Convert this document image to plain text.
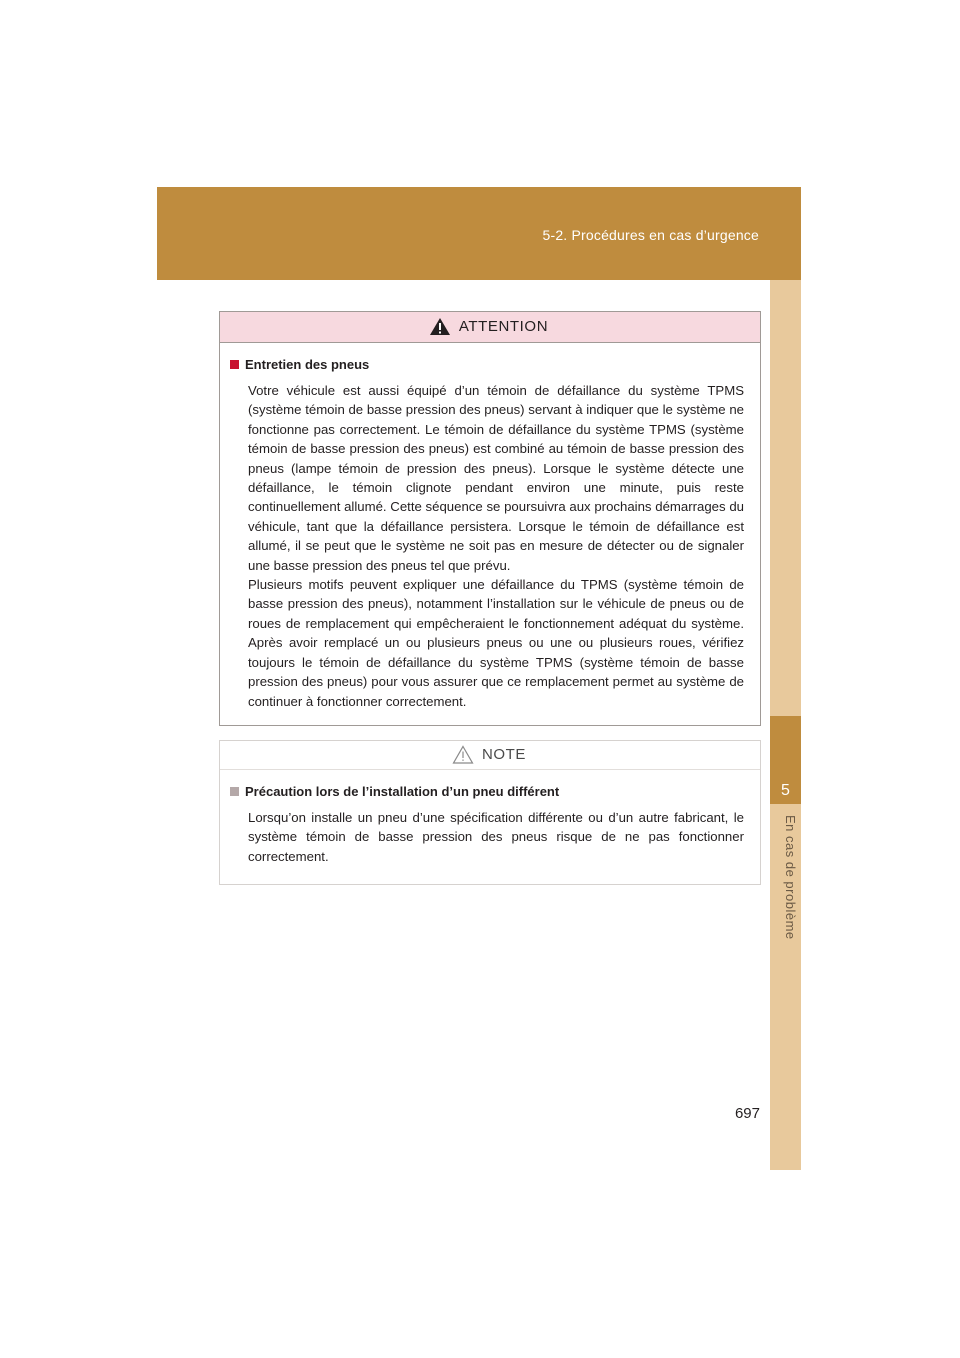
5-2. Procédures en cas d’urgence
5
En cas de problème
ATTENTION
Entretien des pneus

Votre véhicule est aussi équipé d’un témoin de défaillance du système TPMS (système témoin de basse pression des pneus) servant à indiquer que le système ne fonctionne pas correctement. Le témoin de défaillance du système TPMS (système témoin de basse pression des pneus) est combiné au témoin de basse pression des pneus (lampe témoin de pression des pneus). Lorsque le système détecte une défaillance, le témoin clignote pendant environ une minute, puis reste continuellement allumé. Cette séquence se poursuivra aux prochains démarrages du véhicule, tant que la défaillance persistera. Lorsque le témoin de défaillance est allumé, il se peut que le système ne soit pas en mesure de détecter ou de signaler une basse pression des pneus tel que prévu.

Plusieurs motifs peuvent expliquer une défaillance du TPMS (système témoin de basse pression des pneus), notamment l’installation sur le véhicule de pneus ou de roues de remplacement qui empêcheraient le fonctionnement adéquat du système. Après avoir remplacé un ou plusieurs pneus ou une ou plusieurs roues, vérifiez toujours le témoin de défaillance du système TPMS (système témoin de basse pression des pneus) pour vous assurer que ce remplacement permet au système de continuer à fonctionner correctement.

NOTE
Précaution lors de l’installation d’un pneu différent

Lorsqu’on installe un pneu d’une spécification différente ou d’un autre fabricant, le système témoin de basse pression des pneus risque de ne pas fonctionner correctement.

697
